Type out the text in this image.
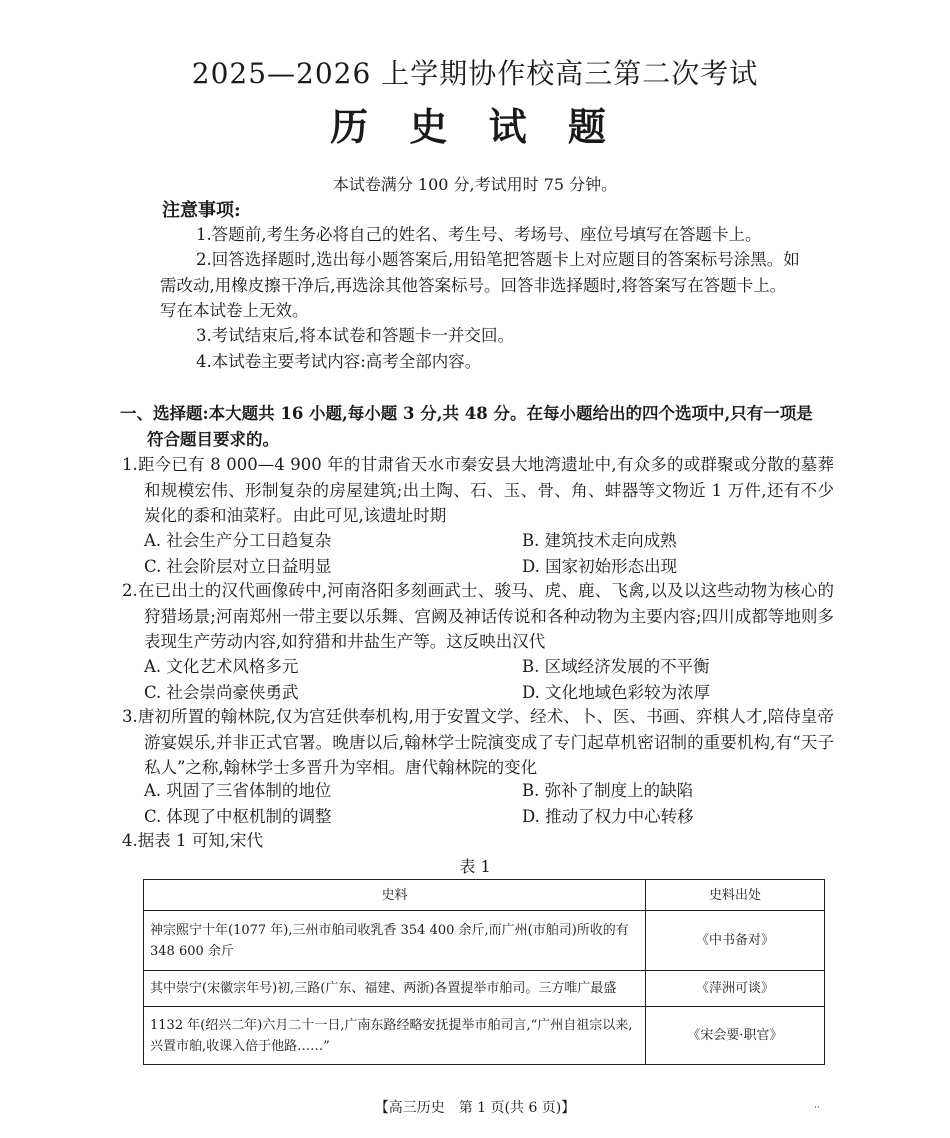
2025—2026 上学期协作校高三第二次考试
历 史 试 题
本试卷满分 100 分,考试用时 75 分钟。
注意事项:
1.答题前,考生务必将自己的姓名、考生号、考场号、座位号填写在答题卡上。
2.回答选择题时,选出每小题答案后,用铅笔把答题卡上对应题目的答案标号涂黑。如需改动,用橡皮擦干净后,再选涂其他答案标号。回答非选择题时,将答案写在答题卡上。写在本试卷上无效。
3.考试结束后,将本试卷和答题卡一并交回。
4.本试卷主要考试内容:高考全部内容。
一、选择题:本大题共 16 小题,每小题 3 分,共 48 分。在每小题给出的四个选项中,只有一项是
符合题目要求的。
1.距今已有 8 000—4 900 年的甘肃省天水市秦安县大地湾遗址中,有众多的或群聚或分散的墓葬和规模宏伟、形制复杂的房屋建筑;出土陶、石、玉、骨、角、蚌器等文物近 1 万件,还有不少炭化的黍和油菜籽。由此可见,该遗址时期
A. 社会生产分工日趋复杂	B. 建筑技术走向成熟
C. 社会阶层对立日益明显	D. 国家初始形态出现
2.在已出土的汉代画像砖中,河南洛阳多刻画武士、骏马、虎、鹿、飞禽,以及以这些动物为核心的狩猎场景;河南郑州一带主要以乐舞、宫阙及神话传说和各种动物为主要内容;四川成都等地则多表现生产劳动内容,如狩猎和井盐生产等。这反映出汉代
A. 文化艺术风格多元	B. 区域经济发展的不平衡
C. 社会崇尚豪侠勇武	D. 文化地域色彩较为浓厚
3.唐初所置的翰林院,仅为宫廷供奉机构,用于安置文学、经术、卜、医、书画、弈棋人才,陪侍皇帝游宴娱乐,并非正式官署。晚唐以后,翰林学士院演变成了专门起草机密诏制的重要机构,有“天子私人”之称,翰林学士多晋升为宰相。唐代翰林院的变化
A. 巩固了三省体制的地位	B. 弥补了制度上的缺陷
C. 体现了中枢机制的调整	D. 推动了权力中心转移
4.据表 1 可知,宋代
表 1
史料	史料出处
神宗熙宁十年(1077 年),三州市舶司收乳香 354 400 余斤,而广州(市舶司)所收的有 348 600 余斤	《中书备对》
其中崇宁(宋徽宗年号)初,三路(广东、福建、两浙)各置提举市舶司。三方唯广最盛	《萍洲可谈》
1132 年(绍兴二年)六月二十一日,广南东路经略安抚提举市舶司言,“广州自祖宗以来,兴置市舶,收课入倍于他路……”	《宋会要·职官》
【高三历史　第 1 页(共 6 页)】	··
